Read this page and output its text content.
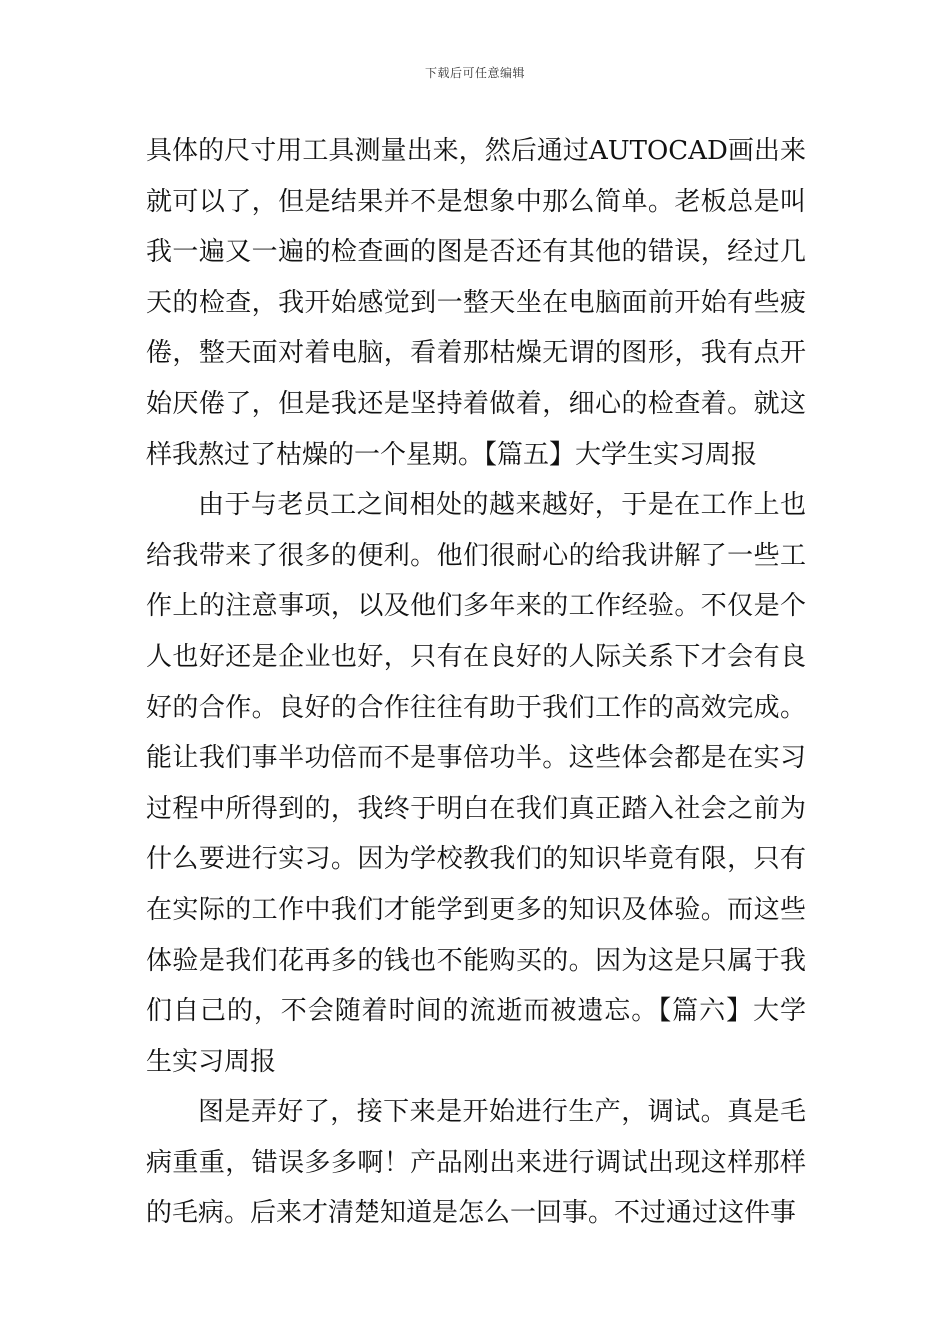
下载后可任意编辑

具体的尺寸用工具测量出来，然后通过AUTOCAD画出来就可以了，但是结果并不是想象中那么简单。老板总是叫我一遍又一遍的检查画的图是否还有其他的错误，经过几天的检查，我开始感觉到一整天坐在电脑面前开始有些疲倦，整天面对着电脑，看着那枯燥无谓的图形，我有点开始厌倦了，但是我还是坚持着做着，细心的检查着。就这样我熬过了枯燥的一个星期。【篇五】大学生实习周报

由于与老员工之间相处的越来越好，于是在工作上也给我带来了很多的便利。他们很耐心的给我讲解了一些工作上的注意事项，以及他们多年来的工作经验。不仅是个人也好还是企业也好，只有在良好的人际关系下才会有良好的合作。良好的合作往往有助于我们工作的高效完成。能让我们事半功倍而不是事倍功半。这些体会都是在实习过程中所得到的，我终于明白在我们真正踏入社会之前为什么要进行实习。因为学校教我们的知识毕竟有限，只有在实际的工作中我们才能学到更多的知识及体验。而这些体验是我们花再多的钱也不能购买的。因为这是只属于我们自己的，不会随着时间的流逝而被遗忘。【篇六】大学生实习周报

图是弄好了，接下来是开始进行生产，调试。真是毛病重重，错误多多啊！产品刚出来进行调试出现这样那样的毛病。后来才清楚知道是怎么一回事。不过通过这件事
